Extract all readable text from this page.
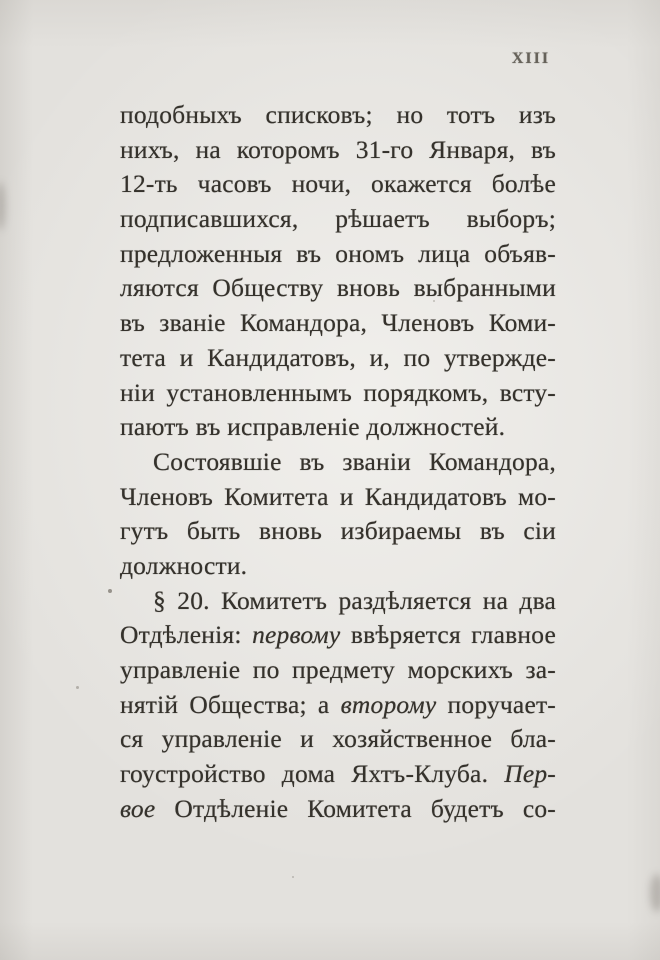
XIII
подобныхъ списковъ; но тотъ изъ
нихъ, на которомъ 31-го Января, въ
12-ть часовъ ночи, окажется болѣе
подписавшихся, рѣшаетъ выборъ;
предложенныя въ ономъ лица объяв-
ляются Обществу вновь выбранными
въ званіе Командора, Членовъ Коми-
тета и Кандидатовъ, и, по утвержде-
ніи установленнымъ порядкомъ, всту-
паютъ въ исправленіе должностей.
Состоявшіе въ званіи Командора,
Членовъ Комитета и Кандидатовъ мо-
гутъ быть вновь избираемы въ сіи
должности.
§ 20. Комитетъ раздѣляется на два
Отдѣленія: первому ввѣряется главное
управленіе по предмету морскихъ за-
нятій Общества; а второму поручает-
ся управленіе и хозяйственное бла-
гоустройство дома Яхтъ-Клуба. Пер-
вое Отдѣленіе Комитета будетъ со-
